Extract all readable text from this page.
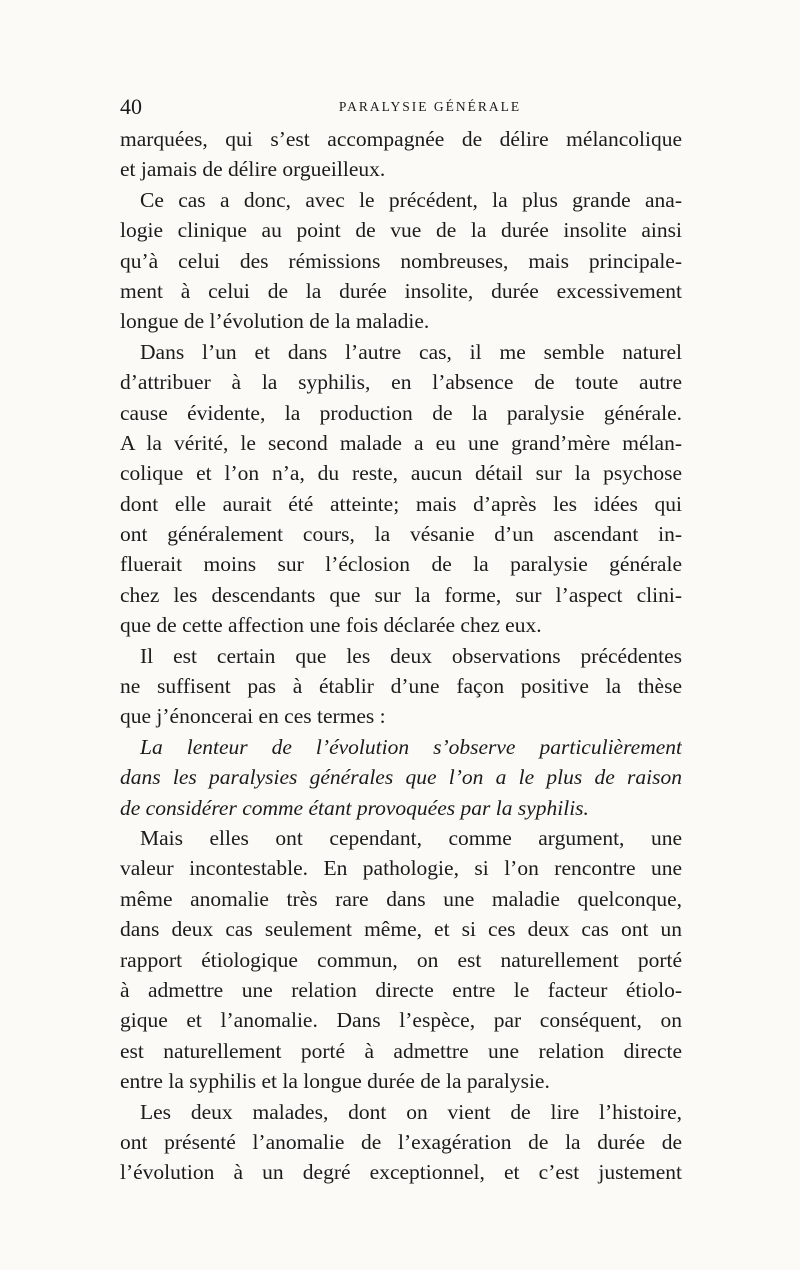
40	PARALYSIE GÉNÉRALE
marquées, qui s’est accompagnée de délire mélancolique
et jamais de délire orgueilleux.
Ce cas a donc, avec le précédent, la plus grande ana-
logie clinique au point de vue de la durée insolite ainsi
qu’à celui des rémissions nombreuses, mais principale-
ment à celui de la durée insolite, durée excessivement
longue de l’évolution de la maladie.
Dans l’un et dans l’autre cas, il me semble naturel
d’attribuer à la syphilis, en l’absence de toute autre
cause évidente, la production de la paralysie générale.
A la vérité, le second malade a eu une grand’mère mélan-
colique et l’on n’a, du reste, aucun détail sur la psychose
dont elle aurait été atteinte; mais d’après les idées qui
ont généralement cours, la vésanie d’un ascendant in-
fluerait moins sur l’éclosion de la paralysie générale
chez les descendants que sur la forme, sur l’aspect clini-
que de cette affection une fois déclarée chez eux.
Il est certain que les deux observations précédentes
ne suffisent pas à établir d’une façon positive la thèse
que j’énoncerai en ces termes :
La lenteur de l’évolution s’observe particulièrement
dans les paralysies générales que l’on a le plus de raison
de considérer comme étant provoquées par la syphilis.
Mais elles ont cependant, comme argument, une
valeur incontestable. En pathologie, si l’on rencontre une
même anomalie très rare dans une maladie quelconque,
dans deux cas seulement même, et si ces deux cas ont un
rapport étiologique commun, on est naturellement porté
à admettre une relation directe entre le facteur étiolo-
gique et l’anomalie. Dans l’espèce, par conséquent, on
est naturellement porté à admettre une relation directe
entre la syphilis et la longue durée de la paralysie.
Les deux malades, dont on vient de lire l’histoire,
ont présenté l’anomalie de l’exagération de la durée de
l’évolution à un degré exceptionnel, et c’est justement
